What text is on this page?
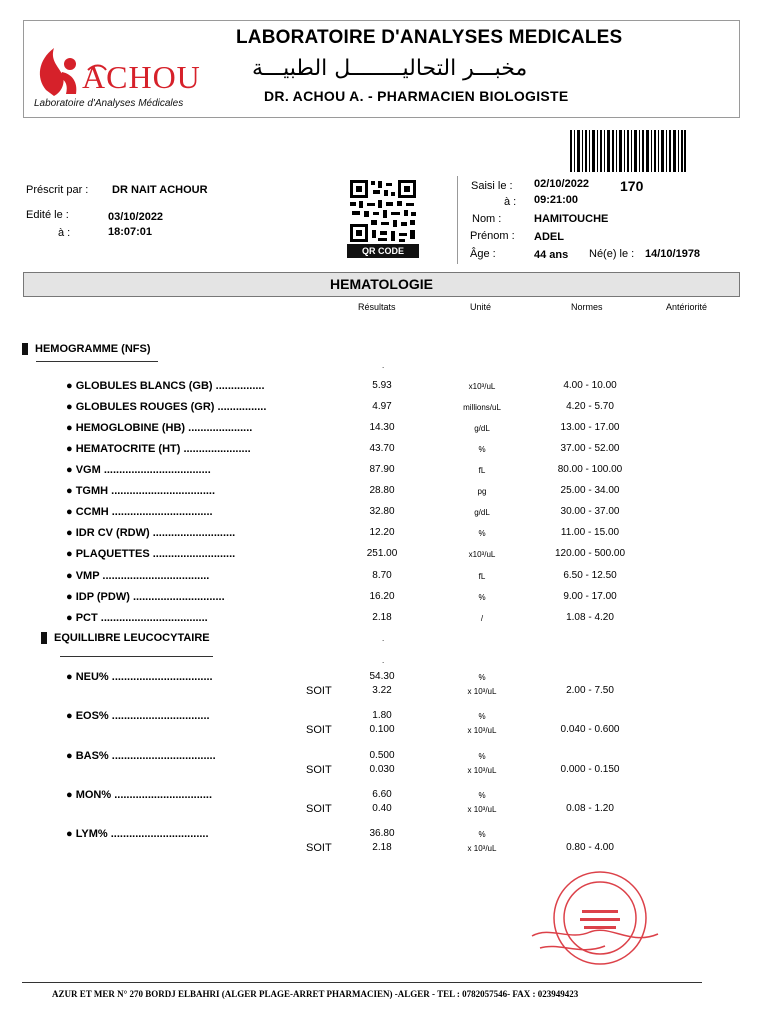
ACHOU
Laboratoire d'Analyses Médicales
LABORATOIRE D'ANALYSES MEDICALES
مخبـــر التحاليــــــــل الطبيـــة
DR. ACHOU A. - PHARMACIEN BIOLOGISTE
Préscrit par : DR NAIT ACHOUR
Edité le :	03/10/2022
à :	18:07:01
QR CODE
Saisi le : 02/10/2022 170
à : 09:21:00
Nom :	HAMITOUCHE
Prénom : ADEL
Âge :	44 ans Né(e) le : 14/10/1978
HEMATOLOGIE
Résultats	Unité	Normes	Antériorité
HEMOGRAMME (NFS)
.
● GLOBULES BLANCS (GB) ................	5.93	x10³/uL	4.00 - 10.00
● GLOBULES ROUGES (GR) ................	4.97	millions/uL	4.20 - 5.70
● HEMOGLOBINE (HB) .....................	14.30	g/dL	13.00 - 17.00
● HEMATOCRITE (HT) ......................	43.70	%	37.00 - 52.00
● VGM ...................................	87.90	fL	80.00 - 100.00
● TGMH ..................................	28.80	pg	25.00 - 34.00
● CCMH .................................	32.80	g/dL	30.00 - 37.00
● IDR CV (RDW) ...........................	12.20	%	11.00 - 15.00
● PLAQUETTES ...........................	251.00	x10³/uL	120.00 - 500.00
● VMP ...................................	8.70	fL	6.50 - 12.50
● IDP (PDW) ..............................	16.20	%	9.00 - 17.00
● PCT ...................................	2.18	/	1.08 - 4.20
EQUILLIBRE LEUCOCYTAIRE	.
.
● NEU% .................................	54.30	%
SOIT	3.22	x 10³/uL	2.00 - 7.50
● EOS% ................................	1.80	%
SOIT	0.100	x 10³/uL	0.040 - 0.600
● BAS% ..................................	0.500	%
SOIT	0.030	x 10³/uL	0.000 - 0.150
● MON% ................................	6.60	%
SOIT	0.40	x 10³/uL	0.08 - 1.20
● LYM% ................................	36.80	%
SOIT	2.18	x 10³/uL	0.80 - 4.00
AZUR ET MER N° 270 BORDJ ELBAHRI (ALGER PLAGE-ARRET PHARMACIEN) -ALGER - TEL : 0782057546- FAX : 023949423
